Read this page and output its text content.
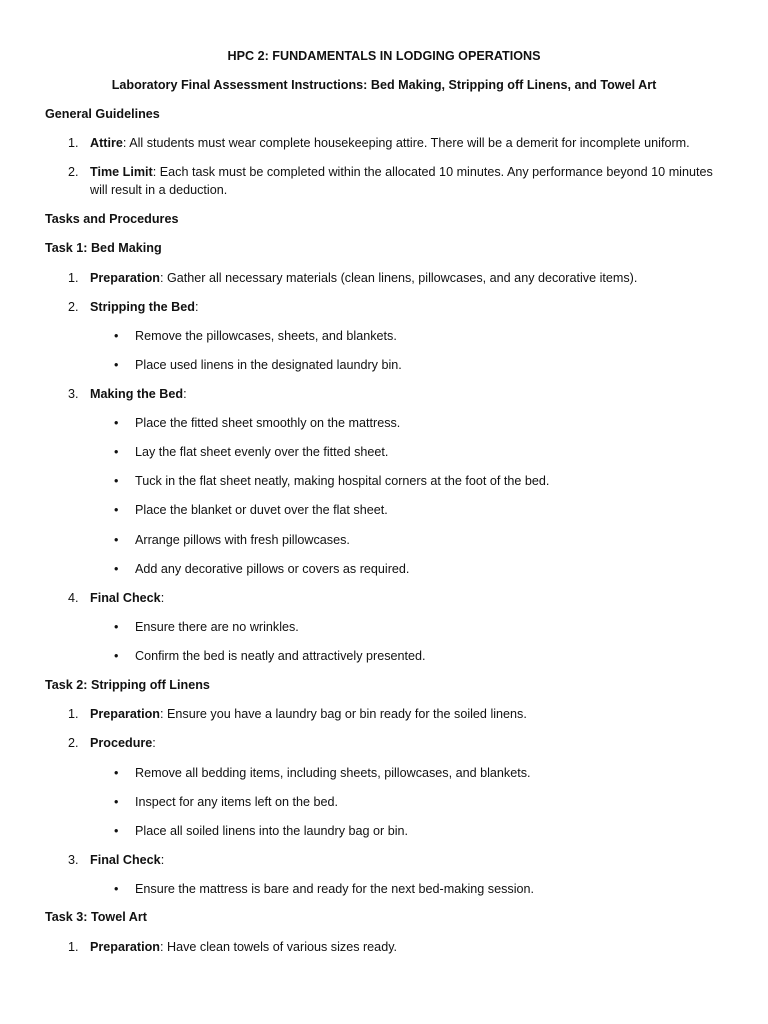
HPC 2: FUNDAMENTALS IN LODGING OPERATIONS
Laboratory Final Assessment Instructions: Bed Making, Stripping off Linens, and Towel Art
General Guidelines
1. Attire: All students must wear complete housekeeping attire. There will be a demerit for incomplete uniform.
2. Time Limit: Each task must be completed within the allocated 10 minutes. Any performance beyond 10 minutes
will result in a deduction.
Tasks and Procedures
Task 1: Bed Making
1. Preparation: Gather all necessary materials (clean linens, pillowcases, and any decorative items).
2. Stripping the Bed:
• Remove the pillowcases, sheets, and blankets.
• Place used linens in the designated laundry bin.
3. Making the Bed:
• Place the fitted sheet smoothly on the mattress.
• Lay the flat sheet evenly over the fitted sheet.
• Tuck in the flat sheet neatly, making hospital corners at the foot of the bed.
• Place the blanket or duvet over the flat sheet.
• Arrange pillows with fresh pillowcases.
• Add any decorative pillows or covers as required.
4. Final Check:
• Ensure there are no wrinkles.
• Confirm the bed is neatly and attractively presented.
Task 2: Stripping off Linens
1. Preparation: Ensure you have a laundry bag or bin ready for the soiled linens.
2. Procedure:
• Remove all bedding items, including sheets, pillowcases, and blankets.
• Inspect for any items left on the bed.
• Place all soiled linens into the laundry bag or bin.
3. Final Check:
• Ensure the mattress is bare and ready for the next bed-making session.
Task 3: Towel Art
1. Preparation: Have clean towels of various sizes ready.
